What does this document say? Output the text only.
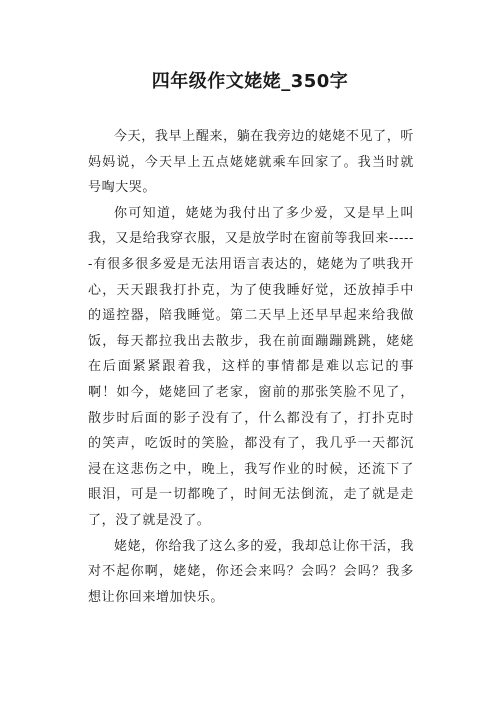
四年级作文姥姥_350字

今天，我早上醒来，躺在我旁边的姥姥不见了，听妈妈说，今天早上五点姥姥就乘车回家了。我当时就号啕大哭。

你可知道，姥姥为我付出了多少爱，又是早上叫我，又是给我穿衣服，又是放学时在窗前等我回来------有很多很多爱是无法用语言表达的，姥姥为了哄我开心，天天跟我打扑克，为了使我睡好觉，还放掉手中的遥控器，陪我睡觉。第二天早上还早早起来给我做饭，每天都拉我出去散步，我在前面蹦蹦跳跳，姥姥在后面紧紧跟着我，这样的事情都是难以忘记的事啊！如今，姥姥回了老家，窗前的那张笑脸不见了，散步时后面的影子没有了，什么都没有了，打扑克时的笑声，吃饭时的笑脸，都没有了，我几乎一天都沉浸在这悲伤之中，晚上，我写作业的时候，还流下了眼泪，可是一切都晚了，时间无法倒流，走了就是走了，没了就是没了。

姥姥，你给我了这么多的爱，我却总让你干活，我对不起你啊，姥姥，你还会来吗？会吗？会吗？我多想让你回来增加快乐。
